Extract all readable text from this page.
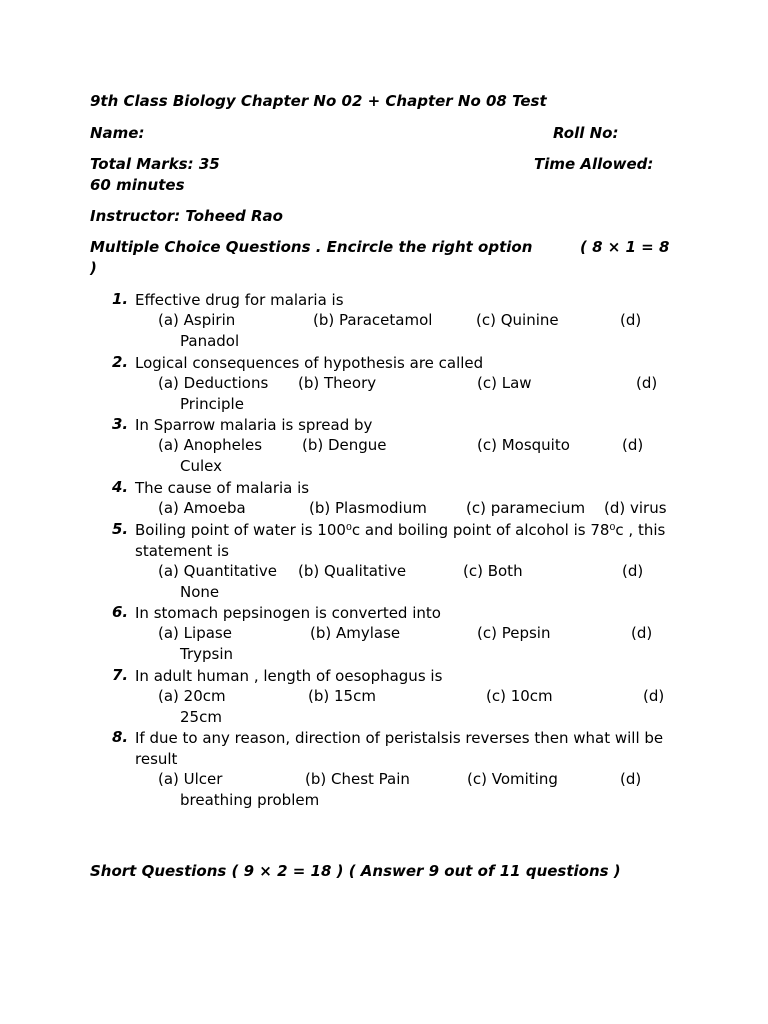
9th Class Biology Chapter No 02 + Chapter No 08 Test
Name:	Roll No:
Total Marks: 35	Time Allowed:
60 minutes
Instructor: Toheed Rao
Multiple Choice Questions . Encircle the right option	( 8 × 1 = 8
)
1. Effective drug for malaria is
(a) Aspirin	(b) Paracetamol	(c) Quinine	(d)
Panadol
2. Logical consequences of hypothesis are called
(a) Deductions (b) Theory	(c) Law	(d)
Principle
3. In Sparrow malaria is spread by
(a) Anopheles	(b) Dengue	(c) Mosquito	(d)
Culex
4. The cause of malaria is
(a) Amoeba	(b) Plasmodium	(c) paramecium (d) virus
5. Boiling point of water is 100⁰c and boiling point of alcohol is 78⁰c , this statement is
(a) Quantitative (b) Qualitative	(c) Both	(d)
None
6. In stomach pepsinogen is converted into
(a) Lipase	(b) Amylase	(c) Pepsin	(d)
Trypsin
7. In adult human , length of oesophagus is
(a) 20cm	(b) 15cm	(c) 10cm	(d)
25cm
8. If due to any reason, direction of peristalsis reverses then what will be result
(a) Ulcer	(b) Chest Pain	(c) Vomiting	(d)
breathing problem
Short Questions ( 9 × 2 = 18 ) ( Answer 9 out of 11 questions )
